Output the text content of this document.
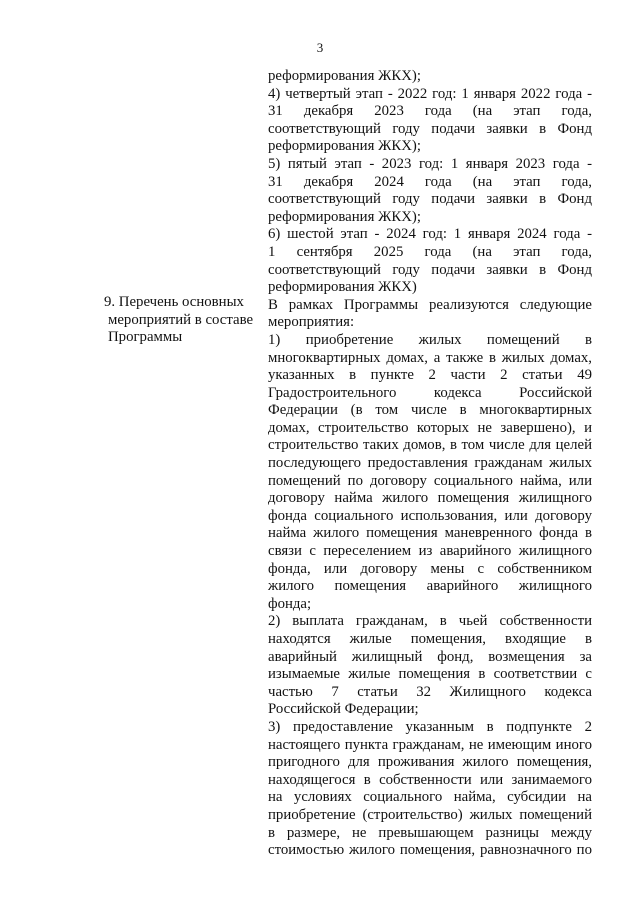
3
9. Перечень основных
мероприятий в составе
Программы
реформирования ЖКХ);
4) четвертый этап - 2022 год: 1 января 2022 года -
31 декабря 2023 года (на этап года,
соответствующий году подачи заявки в Фонд
реформирования ЖКХ);
5) пятый этап - 2023 год: 1 января 2023 года -
31 декабря 2024 года (на этап года,
соответствующий году подачи заявки в Фонд
реформирования ЖКХ);
6) шестой этап - 2024 год: 1 января 2024 года -
1 сентября 2025 года (на этап года,
соответствующий году подачи заявки в Фонд
реформирования ЖКХ)
В рамках Программы реализуются следующие
мероприятия:
1) приобретение жилых помещений в
многоквартирных домах, а также в жилых домах,
указанных в пункте 2 части 2 статьи 49
Градостроительного кодекса Российской
Федерации (в том числе в многоквартирных
домах, строительство которых не завершено), и
строительство таких домов, в том числе для целей
последующего предоставления гражданам жилых
помещений по договору социального найма, или
договору найма жилого помещения жилищного
фонда социального использования, или договору
найма жилого помещения маневренного фонда в
связи с переселением из аварийного жилищного
фонда, или договору мены с собственником
жилого помещения аварийного жилищного
фонда;
2) выплата гражданам, в чьей собственности
находятся жилые помещения, входящие в
аварийный жилищный фонд, возмещения за
изымаемые жилые помещения в соответствии с
частью 7 статьи 32 Жилищного кодекса
Российской Федерации;
3) предоставление указанным в подпункте 2
настоящего пункта гражданам, не имеющим иного
пригодного для проживания жилого помещения,
находящегося в собственности или занимаемого
на условиях социального найма, субсидии на
приобретение (строительство) жилых помещений
в размере, не превышающем разницы между
стоимостью жилого помещения, равнозначного по
